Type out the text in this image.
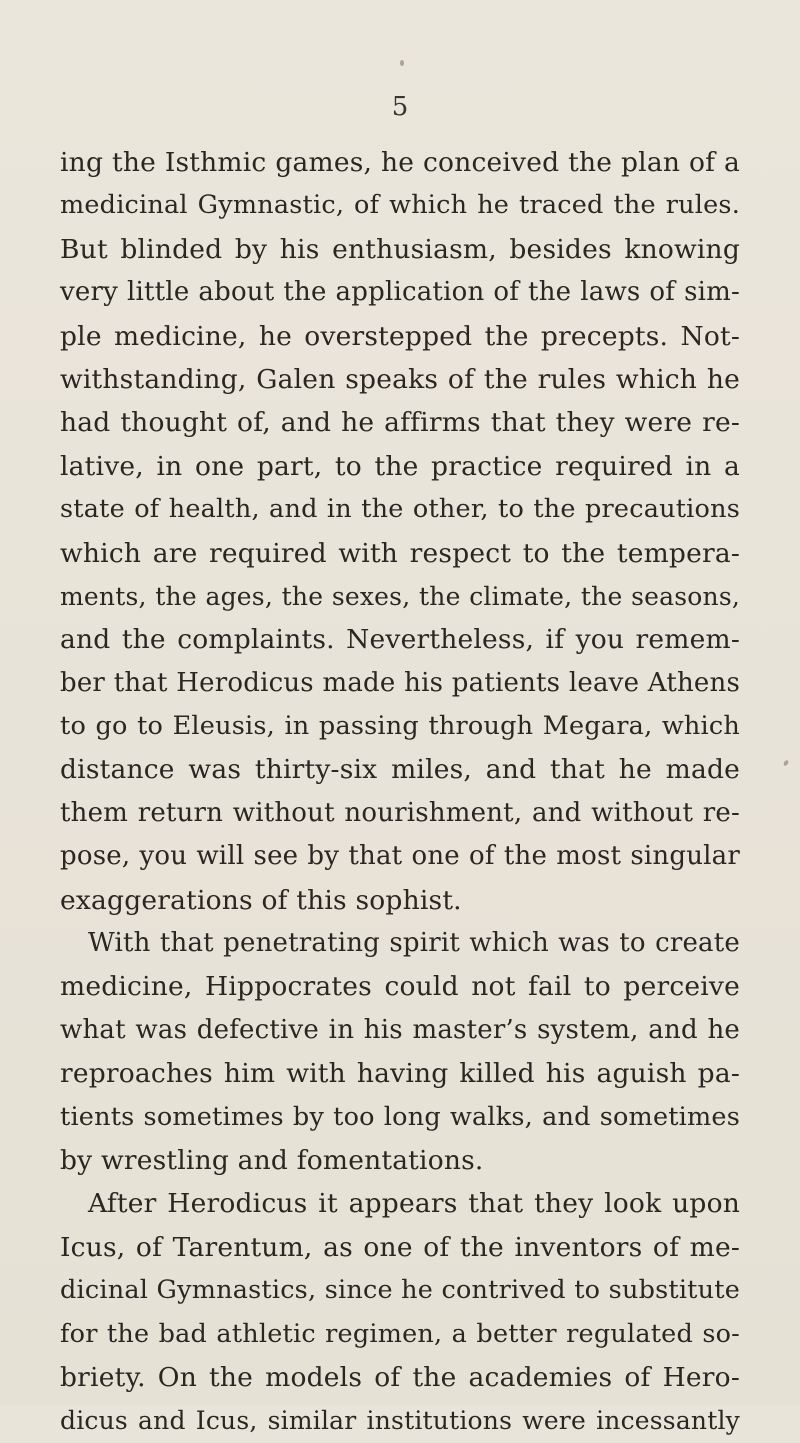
5
ing the Isthmic games, he conceived the plan of a
medicinal Gymnastic, of which he traced the rules.
But blinded by his enthusiasm, besides knowing
very little about the application of the laws of sim-
ple medicine, he overstepped the precepts. Not-
withstanding, Galen speaks of the rules which he
had thought of, and he affirms that they were re-
lative, in one part, to the practice required in a
state of health, and in the other, to the precautions
which are required with respect to the tempera-
ments, the ages, the sexes, the climate, the seasons,
and the complaints. Nevertheless, if you remem-
ber that Herodicus made his patients leave Athens
to go to Eleusis, in passing through Megara, which
distance was thirty-six miles, and that he made
them return without nourishment, and without re-
pose, you will see by that one of the most singular
exaggerations of this sophist.
With that penetrating spirit which was to create
medicine, Hippocrates could not fail to perceive
what was defective in his master’s system, and he
reproaches him with having killed his aguish pa-
tients sometimes by too long walks, and sometimes
by wrestling and fomentations.
After Herodicus it appears that they look upon
Icus, of Tarentum, as one of the inventors of me-
dicinal Gymnastics, since he contrived to substitute
for the bad athletic regimen, a better regulated so-
briety. On the models of the academies of Hero-
dicus and Icus, similar institutions were incessantly
